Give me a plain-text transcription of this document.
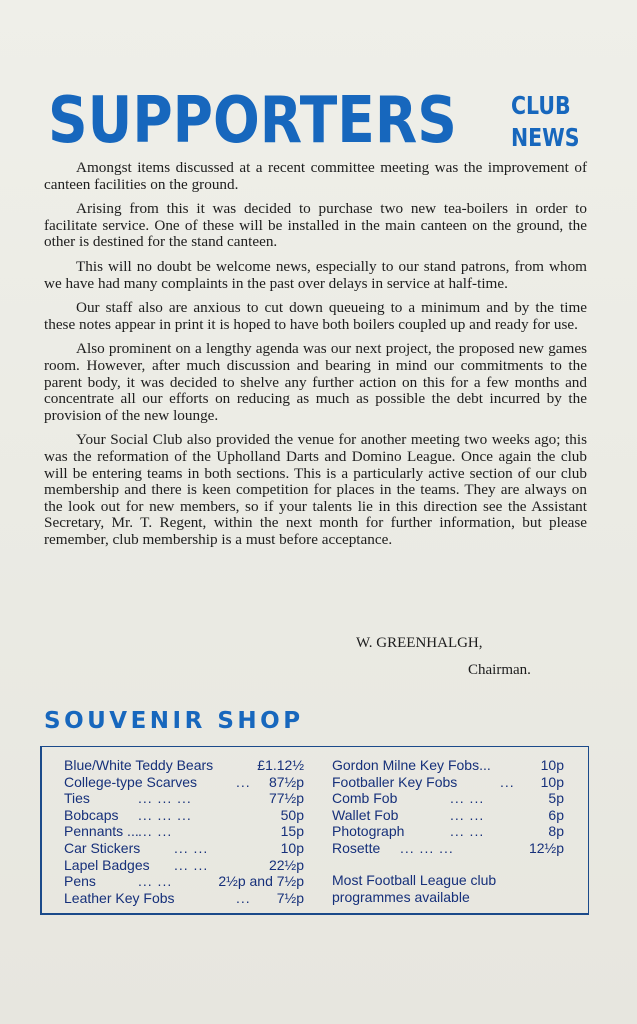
SUPPORTERS CLUB
NEWS

Amongst items discussed at a recent committee meeting was the improvement of canteen facilities on the ground.

Arising from this it was decided to purchase two new tea-boilers in order to facilitate service. One of these will be installed in the main canteen on the ground, the other is destined for the stand canteen.

This will no doubt be welcome news, especially to our stand patrons, from whom we have had many complaints in the past over delays in service at half-time.

Our staff also are anxious to cut down queueing to a minimum and by the time these notes appear in print it is hoped to have both boilers coupled up and ready for use.

Also prominent on a lengthy agenda was our next project, the proposed new games room. However, after much discussion and bearing in mind our commitments to the parent body, it was decided to shelve any further action on this for a few months and concentrate all our efforts on reducing as much as possible the debt incurred by the provision of the new lounge.

Your Social Club also provided the venue for another meeting two weeks ago; this was the reformation of the Upholland Darts and Domino League. Once again the club will be entering teams in both sections. This is a particularly active section of our club membership and there is keen competition for places in the teams. They are always on the look out for new members, so if your talents lie in this direction see the Assistant Secretary, Mr. T. Regent, within the next month for further information, but please remember, club membership is a must before acceptance.

W. GREENHALGH,
Chairman.
SOUVENIR SHOP
Blue/White Teddy Bears	£1.12½
College-type Scarves	... 87½p
Ties	... ... ...	77½p
Bobcaps ... ... ...	50p
Pennants ... ... ...	15p
Car Stickers ... ...	10p
Lapel Badges ... ...	22½p
Pens	... ...	2½p and 7½p
Leather Key Fobs	... 7½p
Gordon Milne Key Fobs...	10p
Footballer Key Fobs	... 10p
Comb Fob	... ...	5p
Wallet Fob	... ...	6p
Photograph	... ...	8p
Rosette ... ... ...	12½p
Most Football League club
programmes available
